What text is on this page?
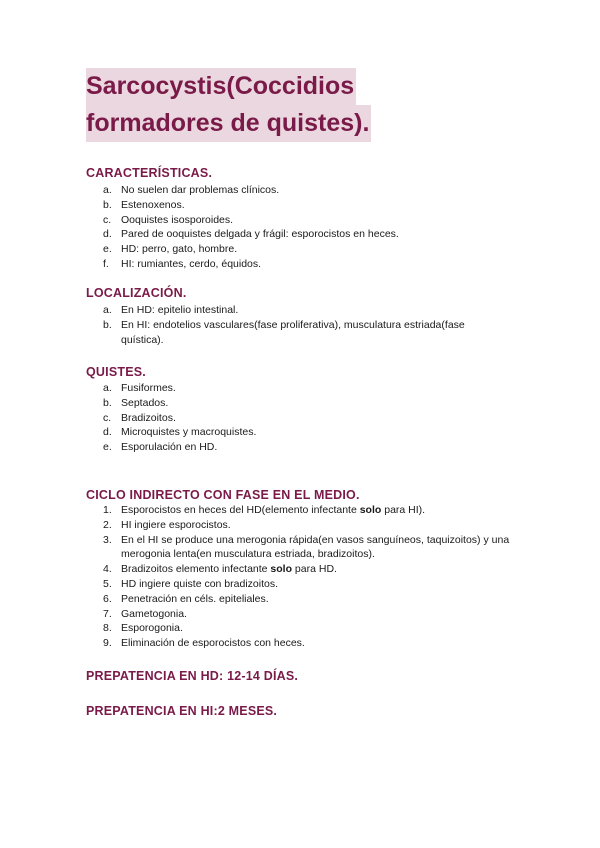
Sarcocystis(Coccidios
formadores de quistes).
CARACTERÍSTICAS.
a. No suelen dar problemas clínicos.
b. Estenoxenos.
c. Ooquistes isosporoides.
d. Pared de ooquistes delgada y frágil: esporocistos en heces.
e. HD: perro, gato, hombre.
f. HI: rumiantes, cerdo, équidos.
LOCALIZACIÓN.
a. En HD: epitelio intestinal.
b. En HI: endotelios vasculares(fase proliferativa), musculatura estriada(fase quística).
QUISTES.
a. Fusiformes.
b. Septados.
c. Bradizoitos.
d. Microquistes y macroquistes.
e. Esporulación en HD.
CICLO INDIRECTO CON FASE EN EL MEDIO.
1. Esporocistos en heces del HD(elemento infectante solo para HI).
2. HI ingiere esporocistos.
3. En el HI se produce una merogonia rápida(en vasos sanguíneos, taquizoitos) y una merogonia lenta(en musculatura estriada, bradizoitos).
4. Bradizoitos elemento infectante solo para HD.
5. HD ingiere quiste con bradizoitos.
6. Penetración en céls. epiteliales.
7. Gametogonia.
8. Esporogonia.
9. Eliminación de esporocistos con heces.
PREPATENCIA EN HD: 12-14 DÍAS.
PREPATENCIA EN HI:2 MESES.
